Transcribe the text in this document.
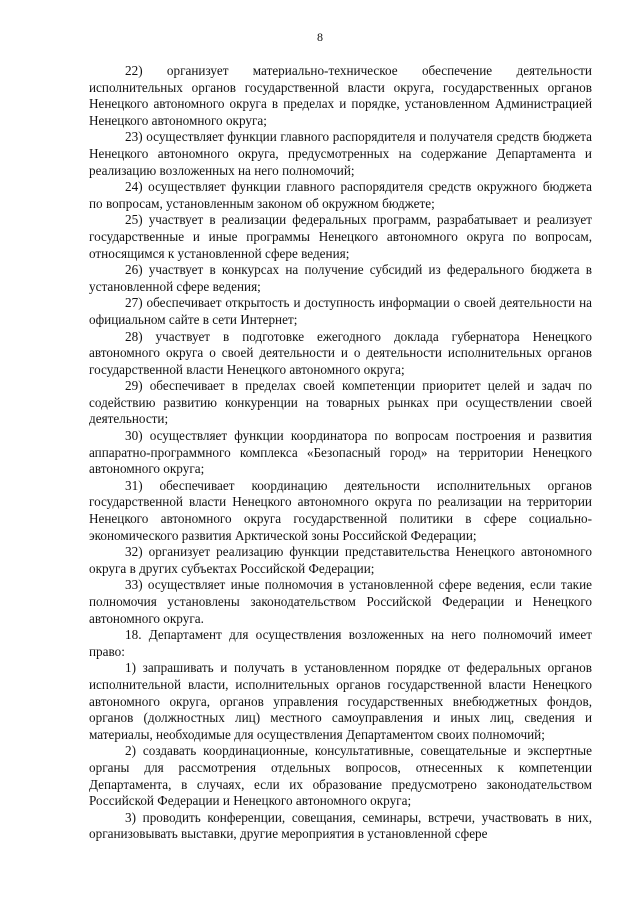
8

22) организует материально-техническое обеспечение деятельности исполнительных органов государственной власти округа, государственных органов Ненецкого автономного округа в пределах и порядке, установленном Администрацией Ненецкого автономного округа;

23) осуществляет функции главного распорядителя и получателя средств бюджета Ненецкого автономного округа, предусмотренных на содержание Департамента и реализацию возложенных на него полномочий;

24) осуществляет функции главного распорядителя средств окружного бюджета по вопросам, установленным законом об окружном бюджете;

25) участвует в реализации федеральных программ, разрабатывает и реализует государственные и иные программы Ненецкого автономного округа по вопросам, относящимся к установленной сфере ведения;

26) участвует в конкурсах на получение субсидий из федерального бюджета в установленной сфере ведения;

27) обеспечивает открытость и доступность информации о своей деятельности на официальном сайте в сети Интернет;

28) участвует в подготовке ежегодного доклада губернатора Ненецкого автономного округа о своей деятельности и о деятельности исполнительных органов государственной власти Ненецкого автономного округа;

29) обеспечивает в пределах своей компетенции приоритет целей и задач по содействию развитию конкуренции на товарных рынках при осуществлении своей деятельности;

30) осуществляет функции координатора по вопросам построения и развития аппаратно-программного комплекса «Безопасный город» на территории Ненецкого автономного округа;

31) обеспечивает координацию деятельности исполнительных органов государственной власти Ненецкого автономного округа по реализации на территории Ненецкого автономного округа государственной политики в сфере социально-экономического развития Арктической зоны Российской Федерации;

32) организует реализацию функции представительства Ненецкого автономного округа в других субъектах Российской Федерации;

33) осуществляет иные полномочия в установленной сфере ведения, если такие полномочия установлены законодательством Российской Федерации и Ненецкого автономного округа.

18. Департамент для осуществления возложенных на него полномочий имеет право:

1) запрашивать и получать в установленном порядке от федеральных органов исполнительной власти, исполнительных органов государственной власти Ненецкого автономного округа, органов управления государственных внебюджетных фондов, органов (должностных лиц) местного самоуправления и иных лиц, сведения и материалы, необходимые для осуществления Департаментом своих полномочий;

2) создавать координационные, консультативные, совещательные и экспертные органы для рассмотрения отдельных вопросов, отнесенных к компетенции Департамента, в случаях, если их образование предусмотрено законодательством Российской Федерации и Ненецкого автономного округа;

3) проводить конференции, совещания, семинары, встречи, участвовать в них, организовывать выставки, другие мероприятия в установленной сфере
